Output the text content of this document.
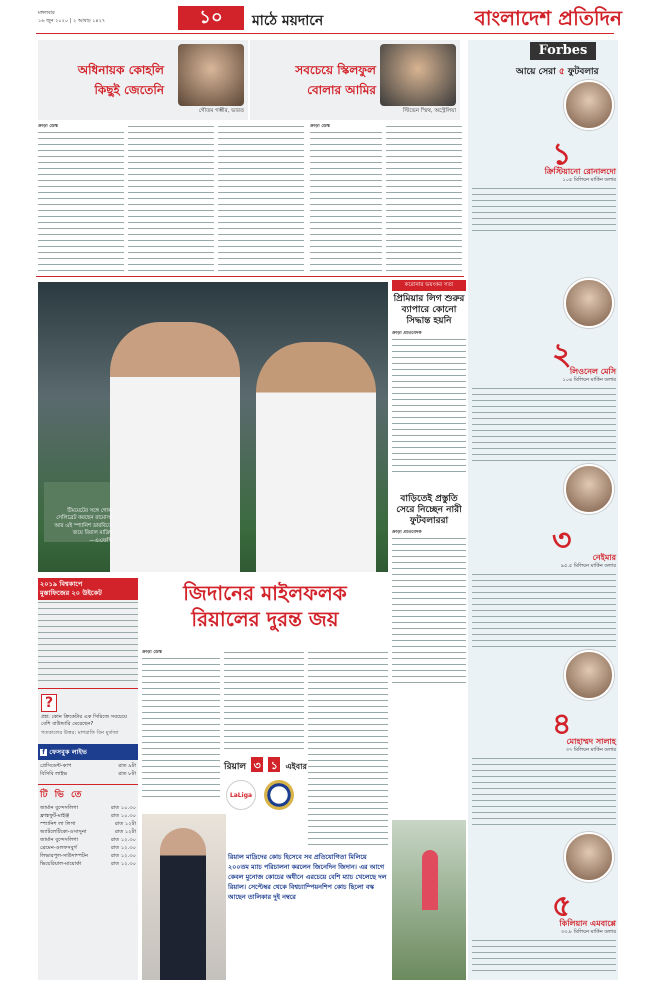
মঙ্গলবার
১৬ জুন ২০২০ | ২ আষাঢ় ১৪২৭	১০	মাঠে ময়দানে	বাংলাদেশ প্রতিদিন
অধিনায়ক কোহলি
কিছুই জেতেনি
গৌতম গম্ভীর, ভারত
সবচেয়ে স্কিলফুল
বোলার আমির
স্টিভেন স্মিথ, অস্ট্রেলিয়া
ক্রীড়া ডেস্ক	ক্রীড়া ডেস্ক
Forbes
আয়ে সেরা ৫ ফুটবলার
১
ক্রিস্টিয়ানো রোনালদো
১০৫ মিলিয়ন মার্কিন ডলার
২
লিওনেল মেসি
১০৪ মিলিয়ন মার্কিন ডলার
৩	নেইমার
৯৫.৫ মিলিয়ন মার্কিন ডলার
৪
মোহাম্মদ সালাহ
৩৭ মিলিয়ন মার্কিন ডলার
৫
কিলিয়ান এমবাপ্পে
৩৩.৮ মিলিয়ন মার্কিন ডলার
টিমমেটের সঙ্গে গোল
সেলিব্রেট করছেন রামোস।
আর এই স্প্যানিশ ডারবিতে
জয়ে রিয়াল মাদ্রিদ
—এএফপি
করোনার ভয়ংকর সত্য
প্রিমিয়ার লিগ শুরুর
ব্যাপারে কোনো
সিদ্ধান্ত হয়নি
ক্রীড়া প্রতিবেদক
বাড়িতেই প্রস্তুতি
সেরে নিচ্ছেন নারী
ফুটবলাররা
ক্রীড়া প্রতিবেদক
জিদানের মাইলফলক
রিয়ালের দুরন্ত জয়
ক্রীড়া ডেস্ক
রিয়াল ৩ ১ এইবার
LaLiga
রিয়াল মাদ্রিদের কোচ হিসেবে সব প্রতিযোগিতা মিলিয়ে ২০০তম ম্যাচ পরিচালনা করলেন জিনেদিন জিদান। এর আগে কেবল মুনোজ কোচের অধীনে এরচেয়ে বেশি ম্যাচ খেলেছে দল রিয়াল। সেপ্টেম্বর থেকে বিশ্বচ্যাম্পিয়নশিপ কোচ ছিলো বস্ক আছেন তালিকার দুই নম্বরে
২০১৯ বিশ্বকাপে
মুস্তাফিজের ২০ উইকেট
?
প্রশ্ন: কোন ক্রিকেটার এক সিরিজে সবচেয়ে বেশি বাউন্ডারি মেরেছেন?
গতকালের উত্তর: মাশরাফি বিন মুর্তজা
f ফেসবুক লাইভ
প্রেসিডেন্ট-কাপ	রাত ৯টা
বিসিবি লাইভ	রাত ৮টা
টি ভি তে
জার্মান বুন্দেসলিগা	রাত ১০.৩০
ফ্রাঙ্কফুর্ট-মাইঞ্জ	রাত ১০.৩০
স্প্যানিশ লা লিগা	রাত ১২টা
অ্যাটলেটিকো-ওসাসুনা	রাত ১২টা
জার্মান বুন্দেসলিগা	রাত ১২.৩০
ব্রেমেন-ওলফসবুর্গ	রাত ১২.৩০
লিভারপুল-সাউদাম্পটন	রাত ১২.৩০
ভিয়েরিয়াল-মায়োর্কা	রাত ১২.৩০
